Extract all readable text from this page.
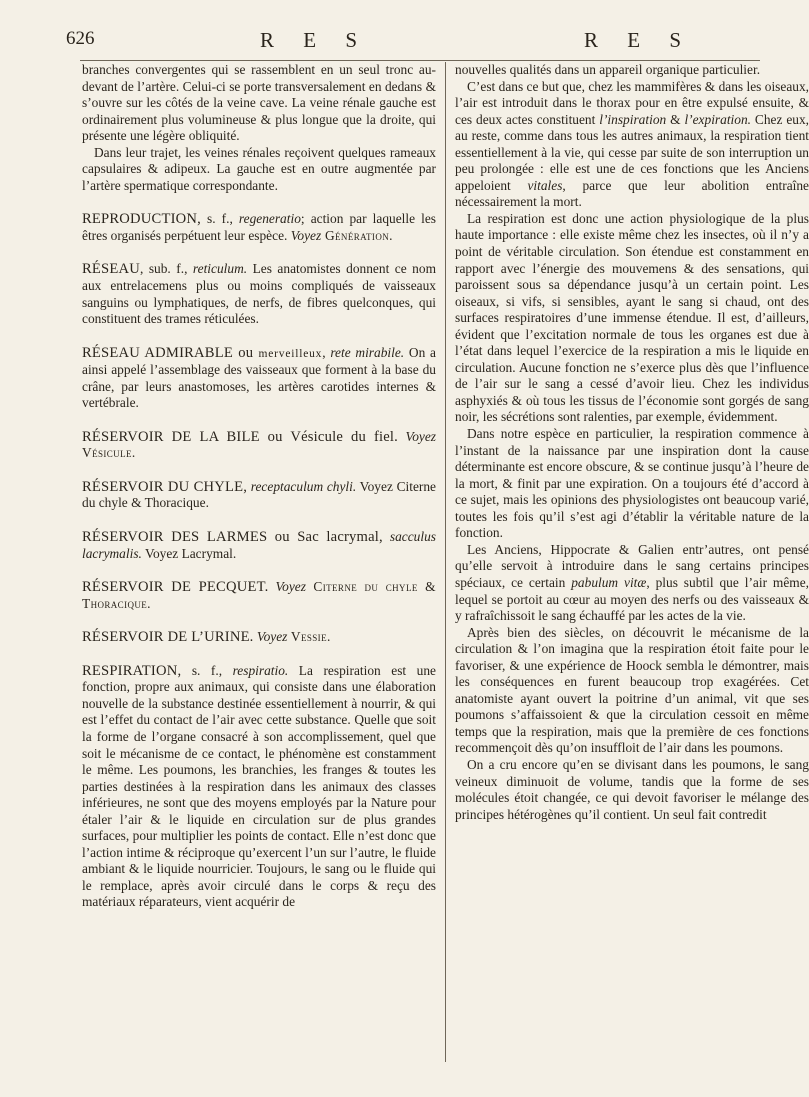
626	R E S	R E S

branches convergentes qui se rassemblent en un seul tronc au-devant de l’artère. Celui-ci se porte transversalement en dedans & s’ouvre sur les côtés de la veine cave. La veine rénale gauche est ordinairement plus volumineuse & plus longue que la droite, qui présente une légère obliquité.

Dans leur trajet, les veines rénales reçoivent quelques rameaux capsulaires & adipeux. La gauche est en outre augmentée par l’artère spermatique correspondante.

REPRODUCTION, s. f., regeneratio; action par laquelle les êtres organisés perpétuent leur espèce. Voyez Génération.

RÉSEAU, sub. f., reticulum. Les anatomistes donnent ce nom aux entrelacemens plus ou moins compliqués de vaisseaux sanguins ou lymphatiques, de nerfs, de fibres quelconques, qui constituent des trames réticulées.

RÉSEAU ADMIRABLE ou merveilleux, rete mirabile. On a ainsi appelé l’assemblage des vaisseaux que forment à la base du crâne, par leurs anastomoses, les artères carotides internes & vertébrale.

RÉSERVOIR DE LA BILE ou Vésicule du fiel. Voyez Vésicule.

RÉSERVOIR DU CHYLE, receptaculum chyli. Voyez Citerne du chyle & Thoracique.

RÉSERVOIR DES LARMES ou Sac lacrymal, sacculus lacrymalis. Voyez Lacrymal.

RÉSERVOIR DE PECQUET. Voyez Citerne du chyle & Thoracique.

RÉSERVOIR DE L’URINE. Voyez Vessie.

RESPIRATION, s. f., respiratio. La respiration est une fonction, propre aux animaux, qui consiste dans une élaboration nouvelle de la substance destinée essentiellement à nourrir, & qui est l’effet du contact de l’air avec cette substance. Quelle que soit la forme de l’organe consacré à son accomplissement, quel que soit le mécanisme de ce contact, le phénomène est constamment le même. Les poumons, les branchies, les franges & toutes les parties destinées à la respiration dans les animaux des classes inférieures, ne sont que des moyens employés par la Nature pour étaler l’air & le liquide en circulation sur de plus grandes surfaces, pour multiplier les points de contact. Elle n’est donc que l’action intime & réciproque qu’exercent l’un sur l’autre, le fluide ambiant & le liquide nourricier. Toujours, le sang ou le fluide qui le remplace, après avoir circulé dans le corps & reçu des matériaux réparateurs, vient acquérir de

nouvelles qualités dans un appareil organique particulier.

C’est dans ce but que, chez les mammifères & dans les oiseaux, l’air est introduit dans le thorax pour en être expulsé ensuite, & ces deux actes constituent l’inspiration & l’expiration. Chez eux, au reste, comme dans tous les autres animaux, la respiration tient essentiellement à la vie, qui cesse par suite de son interruption un peu prolongée : elle est une de ces fonctions que les Anciens appeloient vitales, parce que leur abolition entraîne nécessairement la mort.

La respiration est donc une action physiologique de la plus haute importance : elle existe même chez les insectes, où il n’y a point de véritable circulation. Son étendue est constamment en rapport avec l’énergie des mouvemens & des sensations, qui paroissent sous sa dépendance jusqu’à un certain point. Les oiseaux, si vifs, si sensibles, ayant le sang si chaud, ont des surfaces respiratoires d’une immense étendue. Il est, d’ailleurs, évident que l’excitation normale de tous les organes est due à l’état dans lequel l’exercice de la respiration a mis le liquide en circulation. Aucune fonction ne s’exerce plus dès que l’influence de l’air sur le sang a cessé d’avoir lieu. Chez les individus asphyxiés & où tous les tissus de l’économie sont gorgés de sang noir, les sécrétions sont ralenties, par exemple, évidemment.

Dans notre espèce en particulier, la respiration commence à l’instant de la naissance par une inspiration dont la cause déterminante est encore obscure, & se continue jusqu’à l’heure de la mort, & finit par une expiration. On a toujours été d’accord à ce sujet, mais les opinions des physiologistes ont beaucoup varié, toutes les fois qu’il s’est agi d’établir la véritable nature de la fonction.

Les Anciens, Hippocrate & Galien entr’autres, ont pensé qu’elle servoit à introduire dans le sang certains principes spéciaux, ce certain pabulum vitæ, plus subtil que l’air même, lequel se portoit au cœur au moyen des nerfs ou des vaisseaux & y rafraîchissoit le sang échauffé par les actes de la vie.

Après bien des siècles, on découvrit le mécanisme de la circulation & l’on imagina que la respiration étoit faite pour le favoriser, & une expérience de Hoock sembla le démontrer, mais les conséquences en furent beaucoup trop exagérées. Cet anatomiste ayant ouvert la poitrine d’un animal, vit que ses poumons s’affaissoient & que la circulation cessoit en même temps que la respiration, mais que la première de ces fonctions recommençoit dès qu’on insuffloit de l’air dans les poumons.

On a cru encore qu’en se divisant dans les poumons, le sang veineux diminuoit de volume, tandis que la forme de ses molécules étoit changée, ce qui devoit favoriser le mélange des principes hétérogènes qu’il contient. Un seul fait contredit
